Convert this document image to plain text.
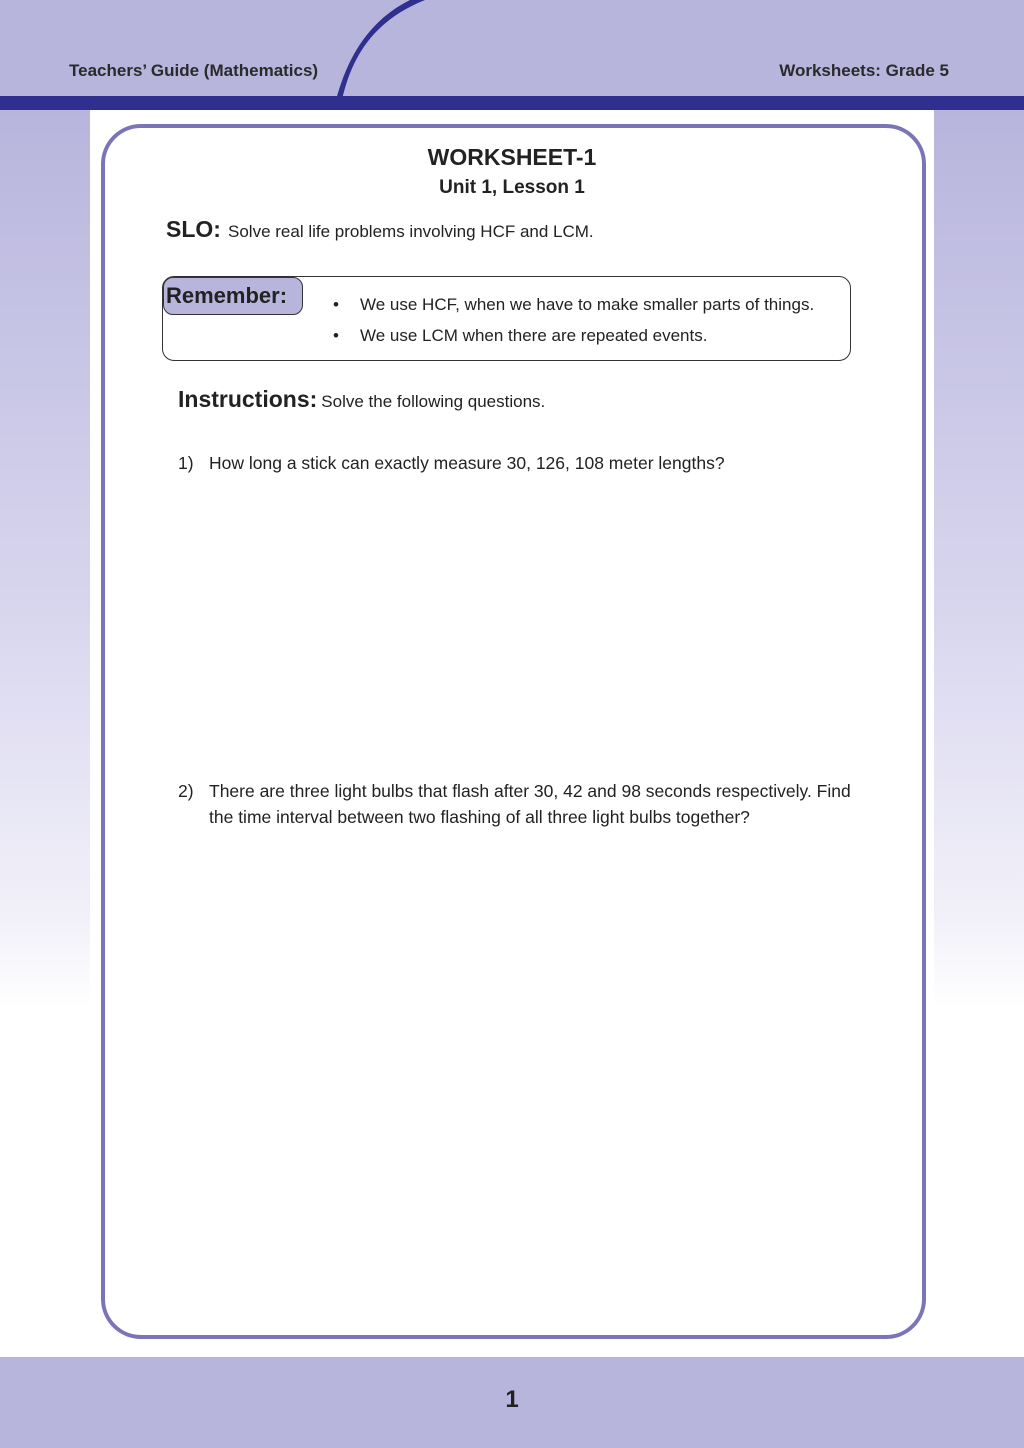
Teachers’ Guide (Mathematics)	Worksheets: Grade 5
WORKSHEET-1
Unit 1, Lesson 1
SLO: Solve real life problems involving HCF and LCM.
Remember:	• We use HCF, when we have to make smaller parts of things.
• We use LCM when there are repeated events.
Instructions: Solve the following questions.
1) How long a stick can exactly measure 30, 126, 108 meter lengths?
2) There are three light bulbs that flash after 30, 42 and 98 seconds respectively. Find the time interval between two flashing of all three light bulbs together?
1
